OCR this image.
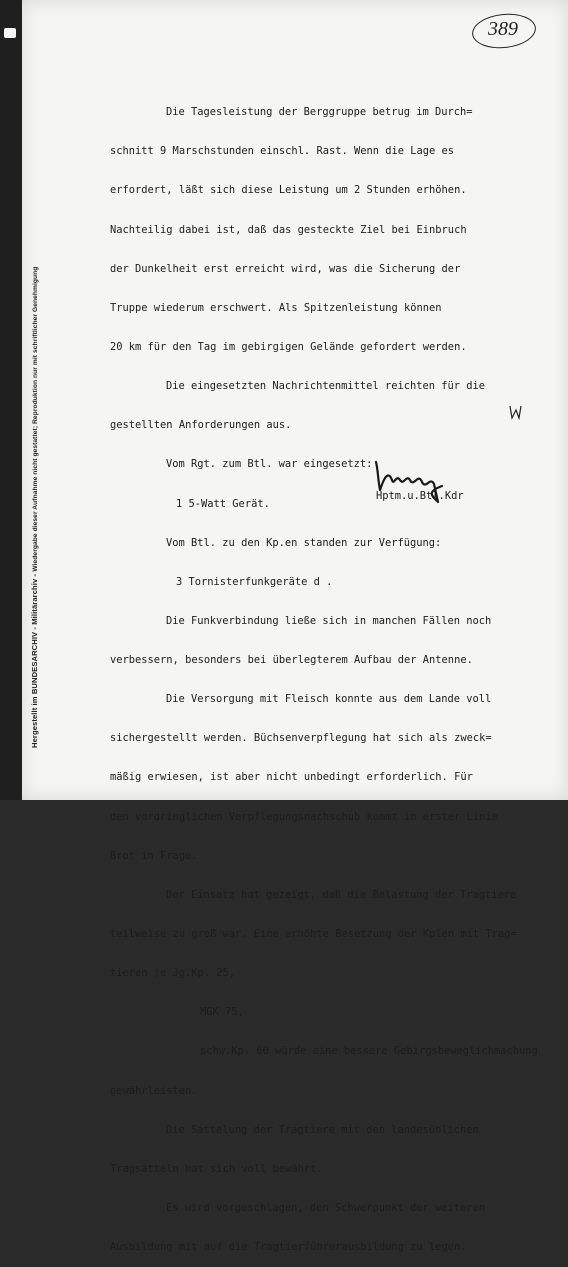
Hergestellt im BUNDESARCHIV - Militärarchiv - Wiedergabe dieser Aufnahme nicht gestattet; Reproduktion nur mit schriftlicher Genehmigung
389

Die Tagesleistung der Berggruppe betrug im Durch=

schnitt 9 Marschstunden einschl. Rast. Wenn die Lage es

erfordert, läßt sich diese Leistung um 2 Stunden erhöhen.

Nachteilig dabei ist, daß das gesteckte Ziel bei Einbruch

der Dunkelheit erst erreicht wird, was die Sicherung der

Truppe wiederum erschwert. Als Spitzenleistung können

20 km für den Tag im gebirgigen Gelände gefordert werden.

Die eingesetzten Nachrichtenmittel reichten für die

gestellten Anforderungen aus.

Vom Rgt. zum Btl. war eingesetzt:

1 5-Watt Gerät.

Vom Btl. zu den Kp.en standen zur Verfügung:

3 Tornisterfunkgeräte d .

Die Funkverbindung ließe sich in manchen Fällen noch

verbessern, besonders bei überlegterem Aufbau der Antenne.

Die Versorgung mit Fleisch konnte aus dem Lande voll

sichergestellt werden. Büchsenverpflegung hat sich als zweck=

mäßig erwiesen, ist aber nicht unbedingt erforderlich. Für

den vordringlichen Verpflegungsnachschub kommt in erster Linie

Brot in Frage.

Der Einsatz hat gezeigt, daß die Belastung der Tragtiere

teilweise zu groß war. Eine erhöhte Besetzung der Kplen mit Trag=

tieren je Jg.Kp. 25,

MGK 75,

schw.Kp. 60 würde eine bessere Gebirgsbeweglichmachung

gewährleisten.

Die Sattelung der Tragtiere mit den landesüblichen

Tragsätteln hat sich voll bewährt.

Es wird vorgeschlagen, den Schwerpunkt der weiteren

Ausbildung mit auf die Tragtierführerausbildung zu legen.

Hptm.u.Btl.Kdr
